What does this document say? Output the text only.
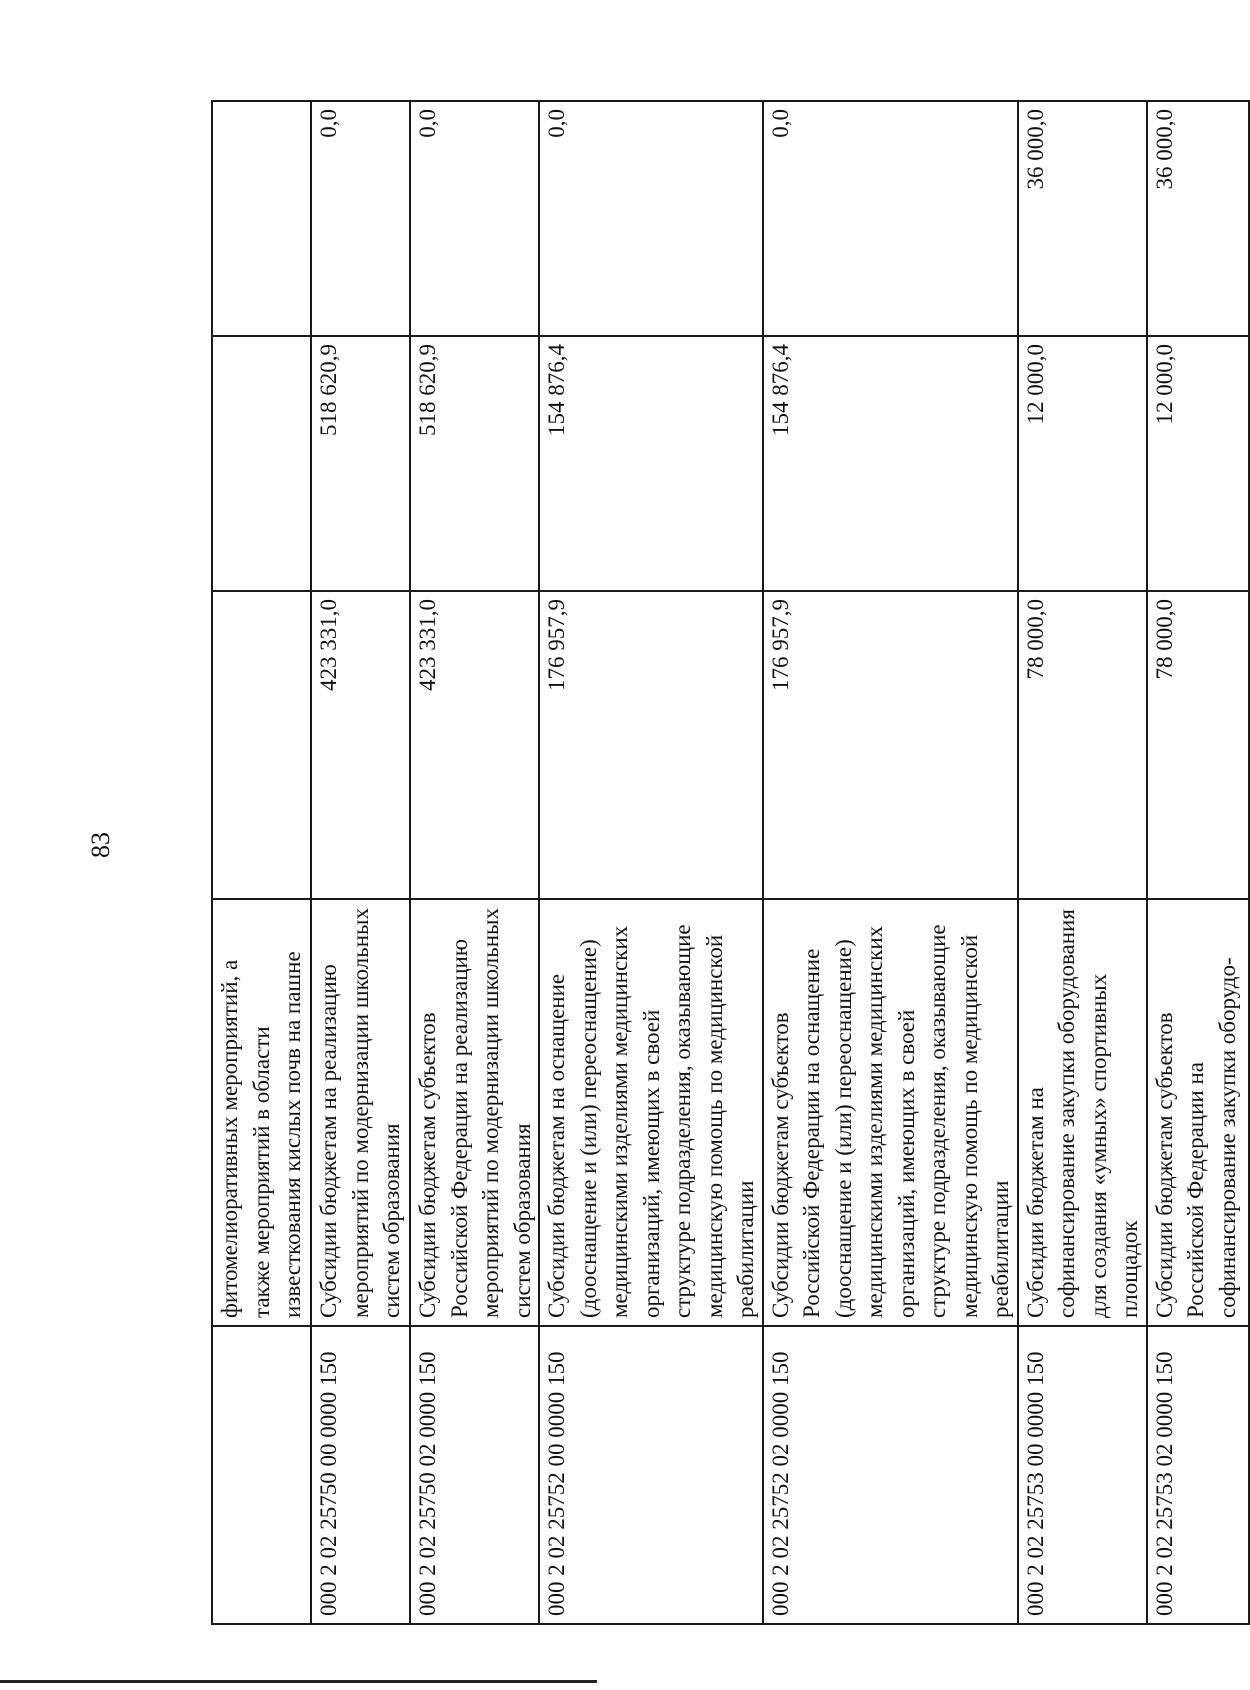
83
	фитомелиоративных мероприятий, а также мероприятий в области известкования кислых почв на пашне			
000 2 02 25750 00 0000 150	Субсидии бюджетам на реализацию мероприятий по модернизации школьных систем образования	423 331,0	518 620,9	0,0
000 2 02 25750 02 0000 150	Субсидии бюджетам субъектов Российской Федерации на реализацию мероприятий по модернизации школьных систем образования	423 331,0	518 620,9	0,0
000 2 02 25752 00 0000 150	Субсидии бюджетам на оснащение (дооснащение и (или) переоснащение) медицинскими изделиями медицинских организаций, имеющих в своей структуре подразделения, оказывающие медицинскую помощь по медицинской реабилитации	176 957,9	154 876,4	0,0
000 2 02 25752 02 0000 150	Субсидии бюджетам субъектов Российской Федерации на оснащение (дооснащение и (или) переоснащение) медицинскими изделиями медицинских организаций, имеющих в своей структуре подразделения, оказывающие медицинскую помощь по медицинской реабилитации	176 957,9	154 876,4	0,0
000 2 02 25753 00 0000 150	Субсидии бюджетам на софинансирование закупки оборудования для создания «умных» спортивных площадок	78 000,0	12 000,0	36 000,0
000 2 02 25753 02 0000 150	Субсидии бюджетам субъектов Российской Федерации на софинансирование закупки оборудо-	78 000,0	12 000,0	36 000,0
